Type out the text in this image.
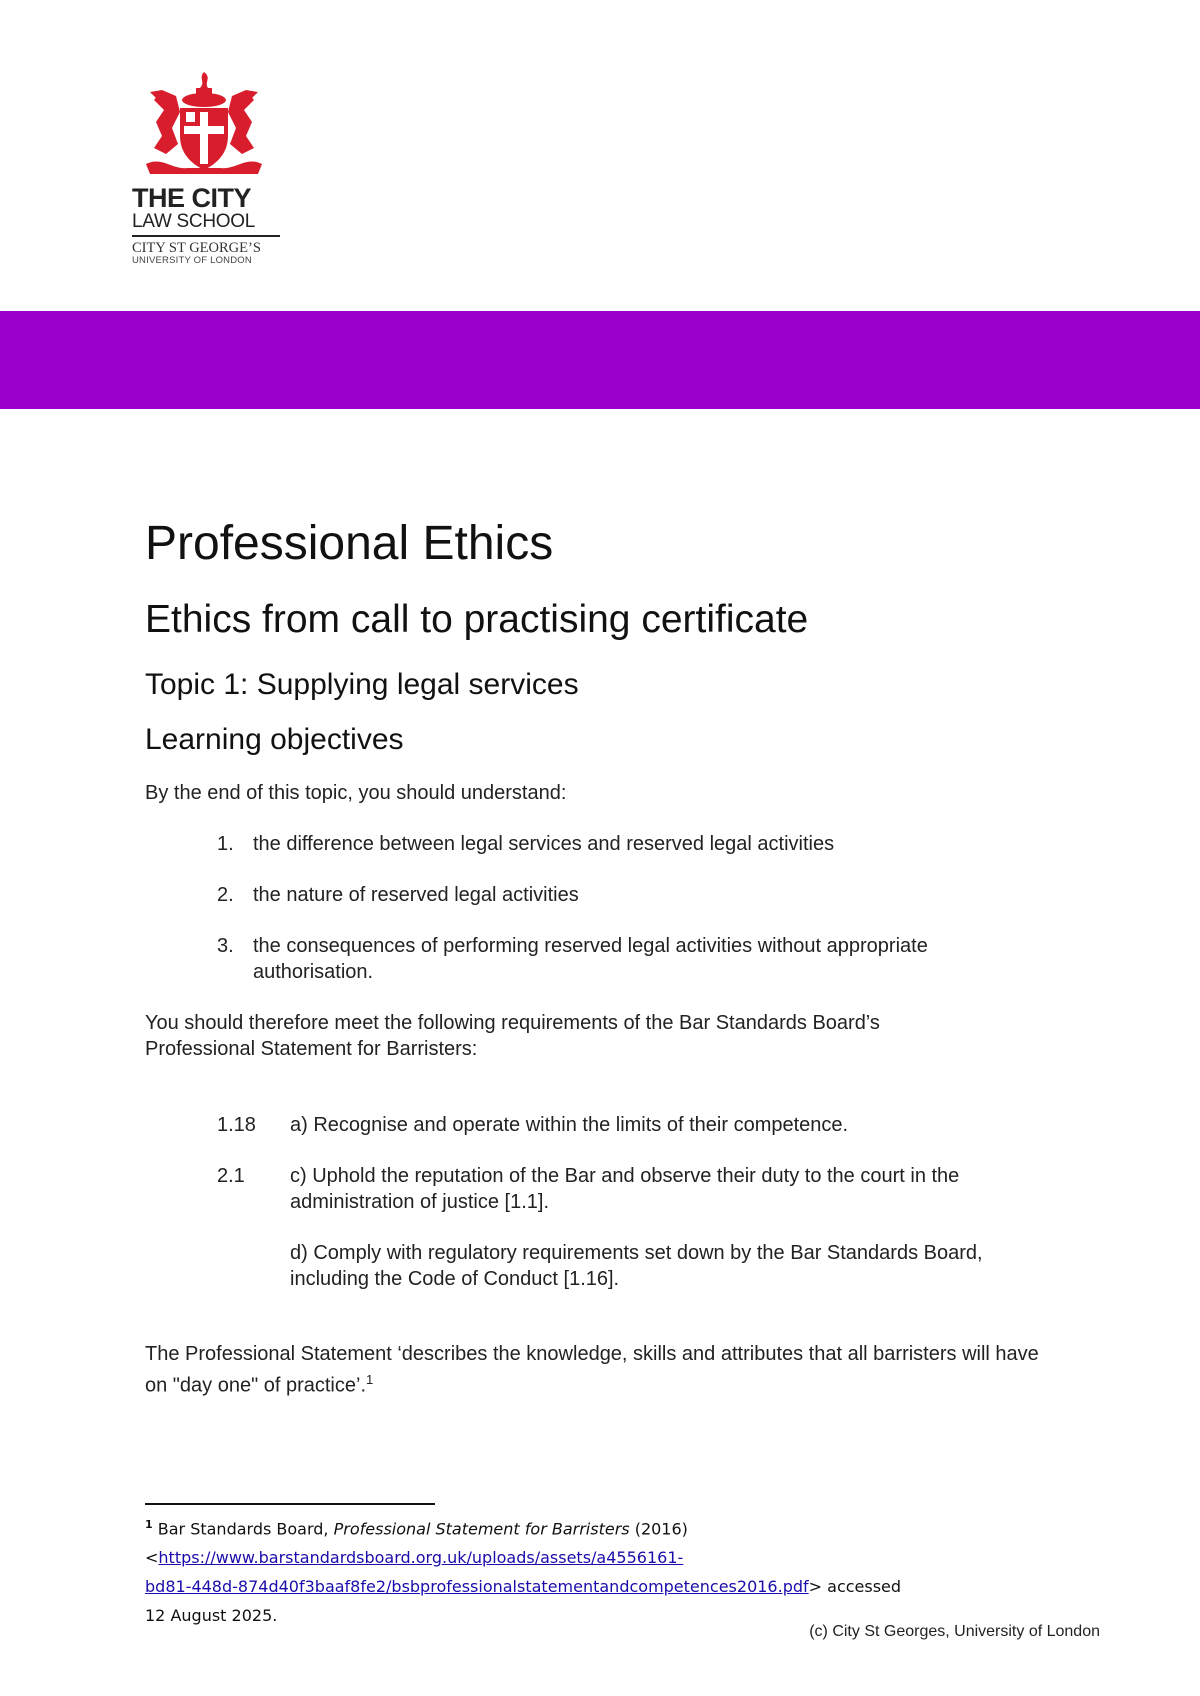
THE CITY
LAW SCHOOL
CITY ST GEORGE’S
UNIVERSITY OF LONDON
Professional Ethics
Ethics from call to practising certificate
Topic 1: Supplying legal services
Learning objectives

By the end of this topic, you should understand:

1. the difference between legal services and reserved legal activities

2. the nature of reserved legal activities

3. the consequences of performing reserved legal activities without appropriate authorisation.

You should therefore meet the following requirements of the Bar Standards Board’s Professional Statement for Barristers:

1.18 a) Recognise and operate within the limits of their competence.

2.1 c) Uphold the reputation of the Bar and observe their duty to the court in the administration of justice [1.1].

d) Comply with regulatory requirements set down by the Bar Standards Board, including the Code of Conduct [1.16].

The Professional Statement ‘describes the knowledge, skills and attributes that all barristers will have on "day one" of practice’.$^1$

$^1$ Bar Standards Board, Professional Statement for Barristers (2016)
<https://www.barstandardsboard.org.uk/uploads/assets/a4556161-
bd81-448d-874d40f3baaf8fe2/bsbprofessionalstatementandcompetences2016.pdf> accessed
12 August 2025.
(c) City St Georges, University of London
